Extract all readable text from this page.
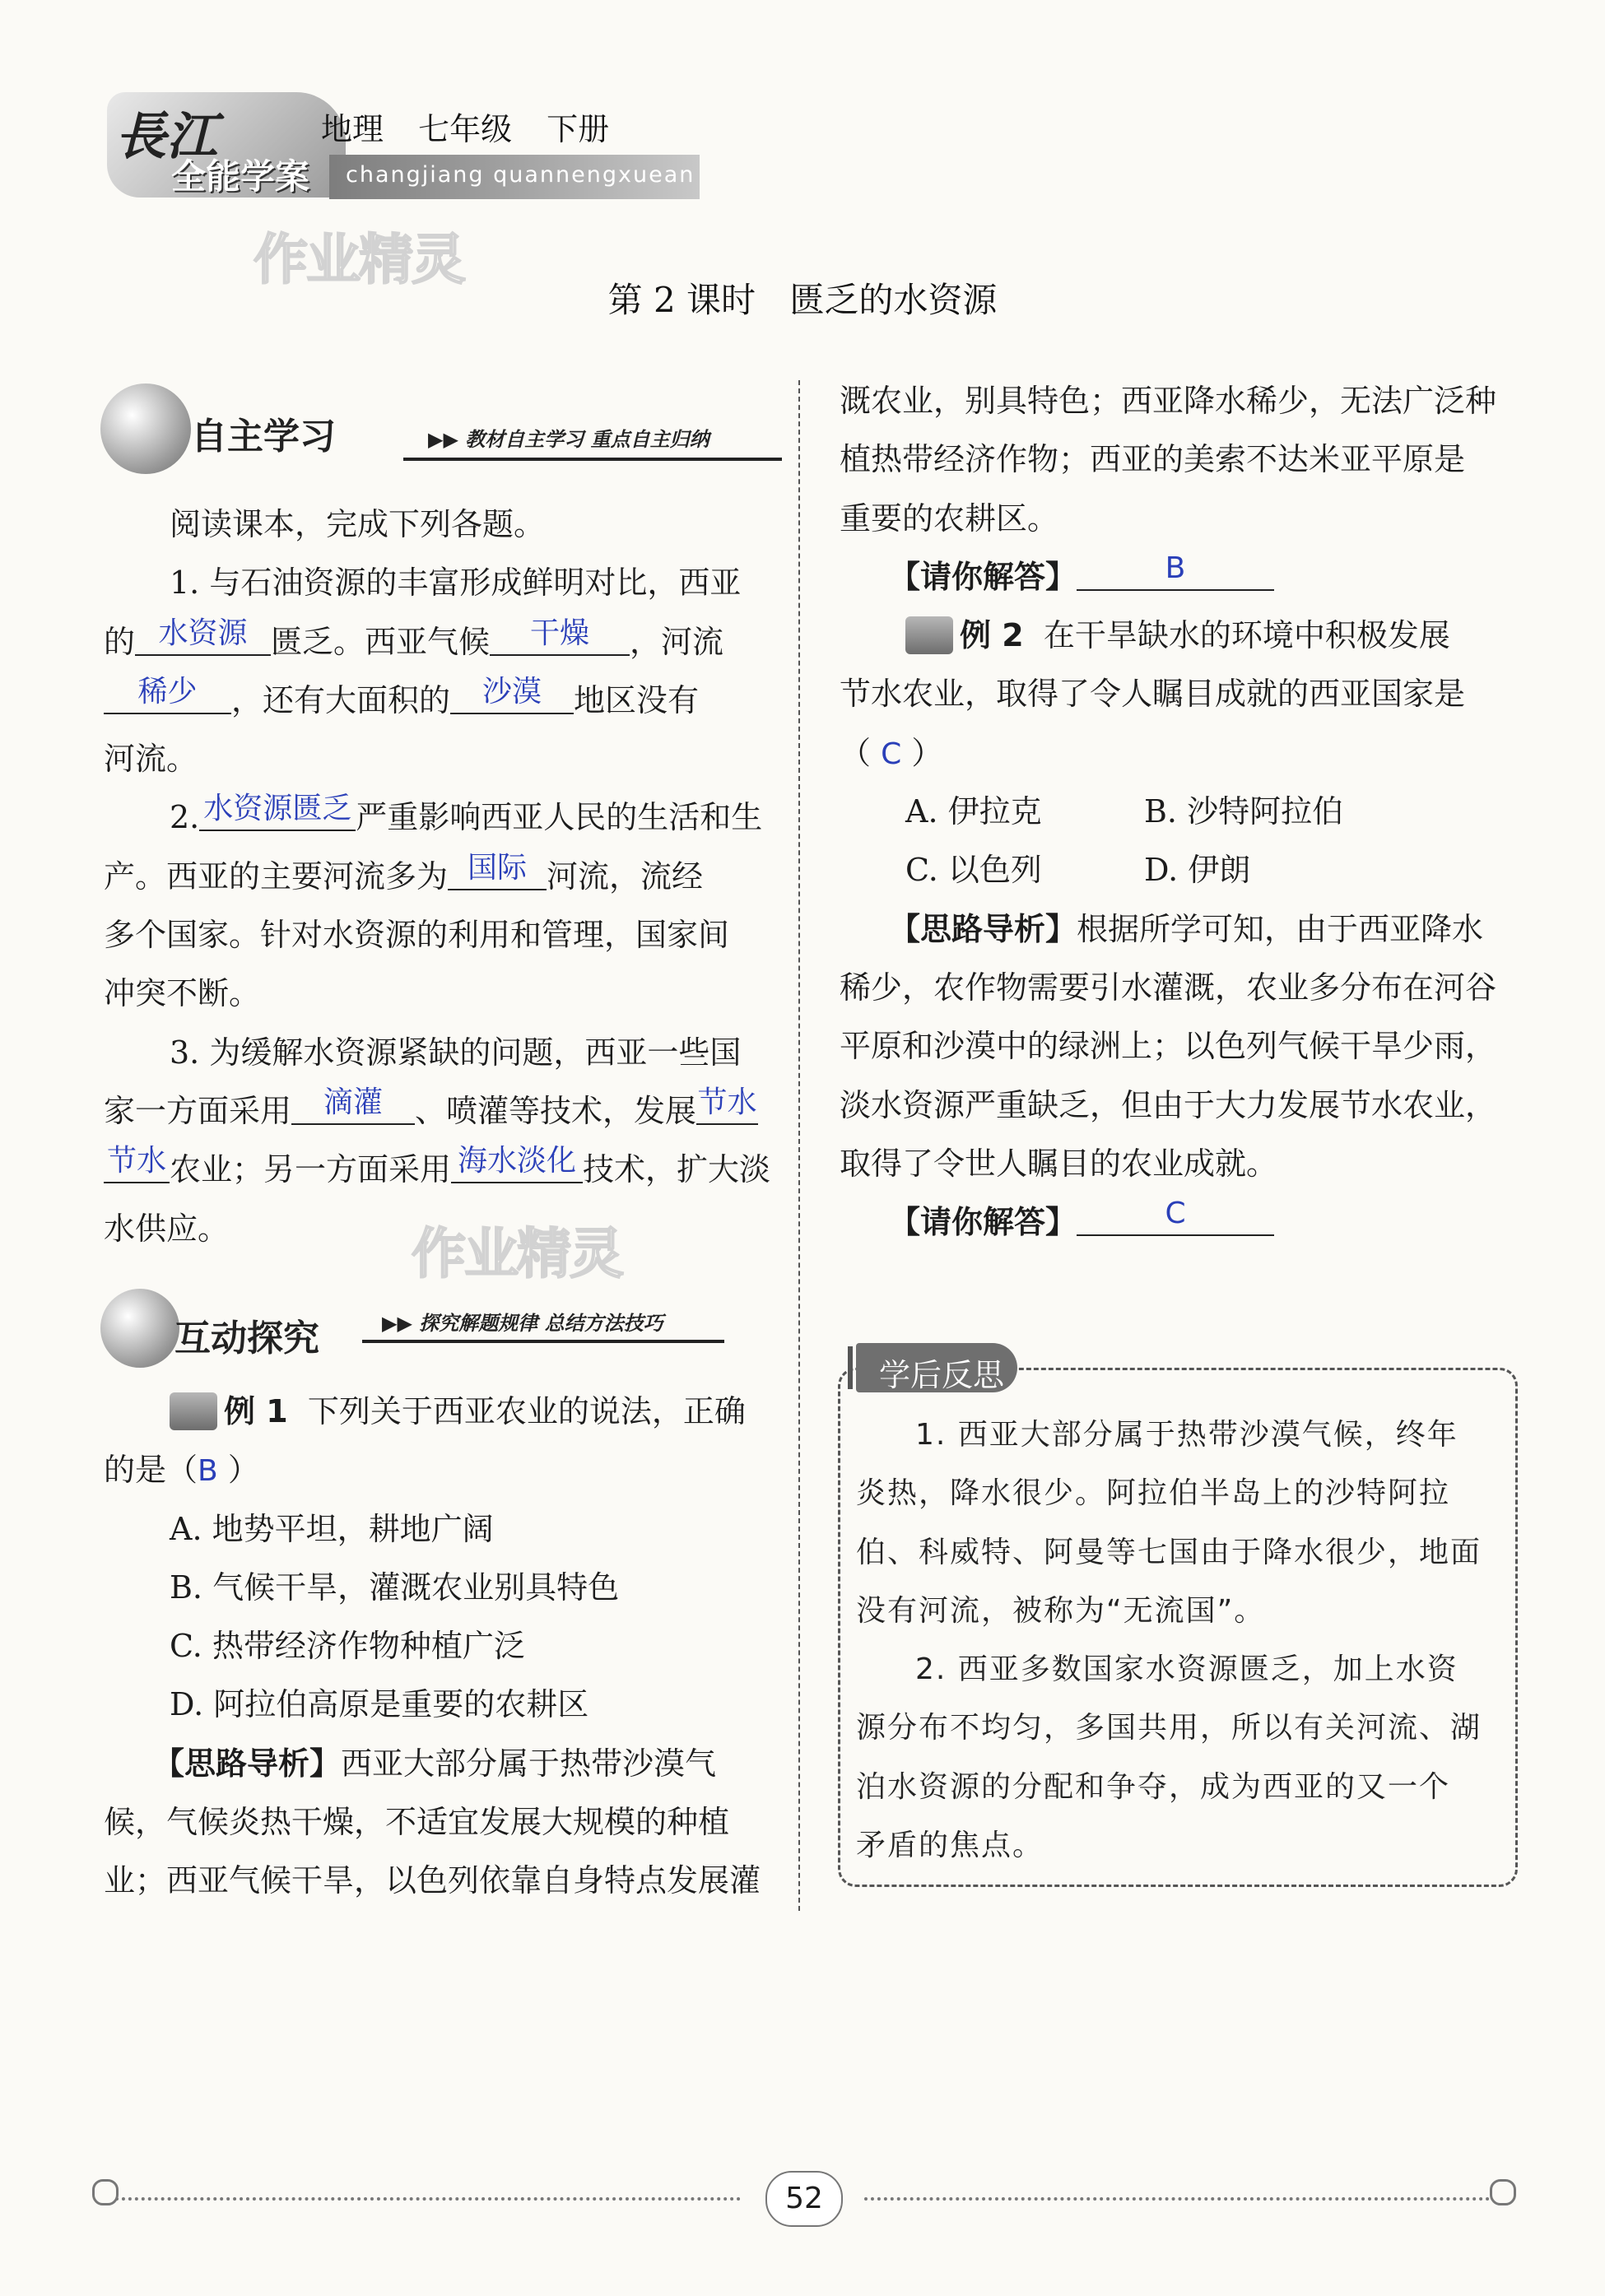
長江
全能学案 changjiang quannengxuean
地理 七年级 下册
作业精灵
第 2 课时 匮乏的水资源
自主学习	▶▶ 教材自主学习 重点自主归纳
阅读课本，完成下列各题。
1. 与石油资源的丰富形成鲜明对比，西亚
的 水资源 匮乏。西亚气候 干燥 ，河流
稀少 ，还有大面积的 沙漠 地区没有
河流。
2. 水资源匮乏 严重影响西亚人民的生活和生
产。西亚的主要河流多为 国际 河流，流经
多个国家。针对水资源的利用和管理，国家间
冲突不断。
3. 为缓解水资源紧缺的问题，西亚一些国
家一方面采用 滴灌 、喷灌等技术，发展节水
节水 农业；另一方面采用 海水淡化 技术，扩大淡
水供应。	作业精灵
互动探究	▶▶ 探究解题规律 总结方法技巧
例 1 下列关于西亚农业的说法，正确
的是（B ）
A. 地势平坦，耕地广阔
B. 气候干旱，灌溉农业别具特色
C. 热带经济作物种植广泛
D. 阿拉伯高原是重要的农耕区
【思路导析】西亚大部分属于热带沙漠气
候，气候炎热干燥，不适宜发展大规模的种植
业；西亚气候干旱，以色列依靠自身特点发展灌
溉农业，别具特色；西亚降水稀少，无法广泛种
植热带经济作物；西亚的美索不达米亚平原是
重要的农耕区。
【请你解答】	B
例 2 在干旱缺水的环境中积极发展
节水农业，取得了令人瞩目成就的西亚国家是
（ C ）
A. 伊拉克	B. 沙特阿拉伯
C. 以色列	D. 伊朗
【思路导析】根据所学可知，由于西亚降水
稀少，农作物需要引水灌溉，农业多分布在河谷
平原和沙漠中的绿洲上；以色列气候干旱少雨，
淡水资源严重缺乏，但由于大力发展节水农业，
取得了令世人瞩目的农业成就。
【请你解答】	C
学后反思
1. 西亚大部分属于热带沙漠气候，终年
炎热，降水很少。阿拉伯半岛上的沙特阿拉
伯、科威特、阿曼等七国由于降水很少，地面
没有河流，被称为“无流国”。
2. 西亚多数国家水资源匮乏，加上水资
源分布不均匀，多国共用，所以有关河流、湖
泊水资源的分配和争夺，成为西亚的又一个
矛盾的焦点。
52
